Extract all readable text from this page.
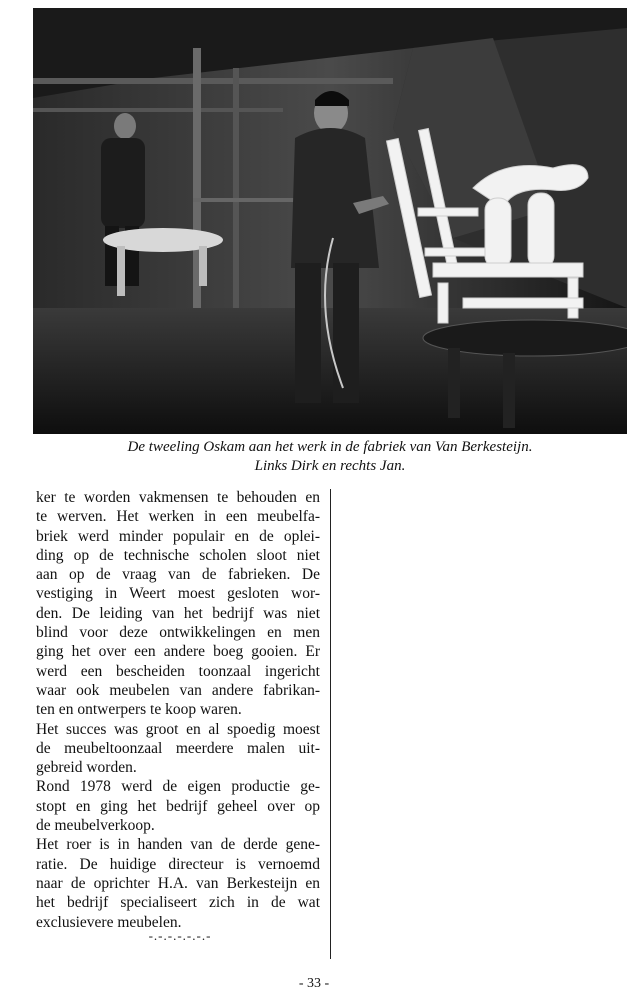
De tweeling Oskam aan het werk in de fabriek van Van Berkesteijn.
Links Dirk en rechts Jan.
ker te worden vakmensen te behouden en
te werven. Het werken in een meubelfa-
briek werd minder populair en de oplei-
ding op de technische scholen sloot niet
aan op de vraag van de fabrieken. De
vestiging in Weert moest gesloten wor-
den. De leiding van het bedrijf was niet
blind voor deze ontwikkelingen en men
ging het over een andere boeg gooien. Er
werd een bescheiden toonzaal ingericht
waar ook meubelen van andere fabrikan-
ten en ontwerpers te koop waren.
Het succes was groot en al spoedig moest
de meubeltoonzaal meerdere malen uit-
gebreid worden.
Rond 1978 werd de eigen productie ge-
stopt en ging het bedrijf geheel over op
de meubelverkoop.
Het roer is in handen van de derde gene-
ratie. De huidige directeur is vernoemd
naar de oprichter H.A. van Berkesteijn en
het bedrijf specialiseert zich in de wat
exclusievere meubelen.
-.-.-.-.-.-.-
- 33 -
